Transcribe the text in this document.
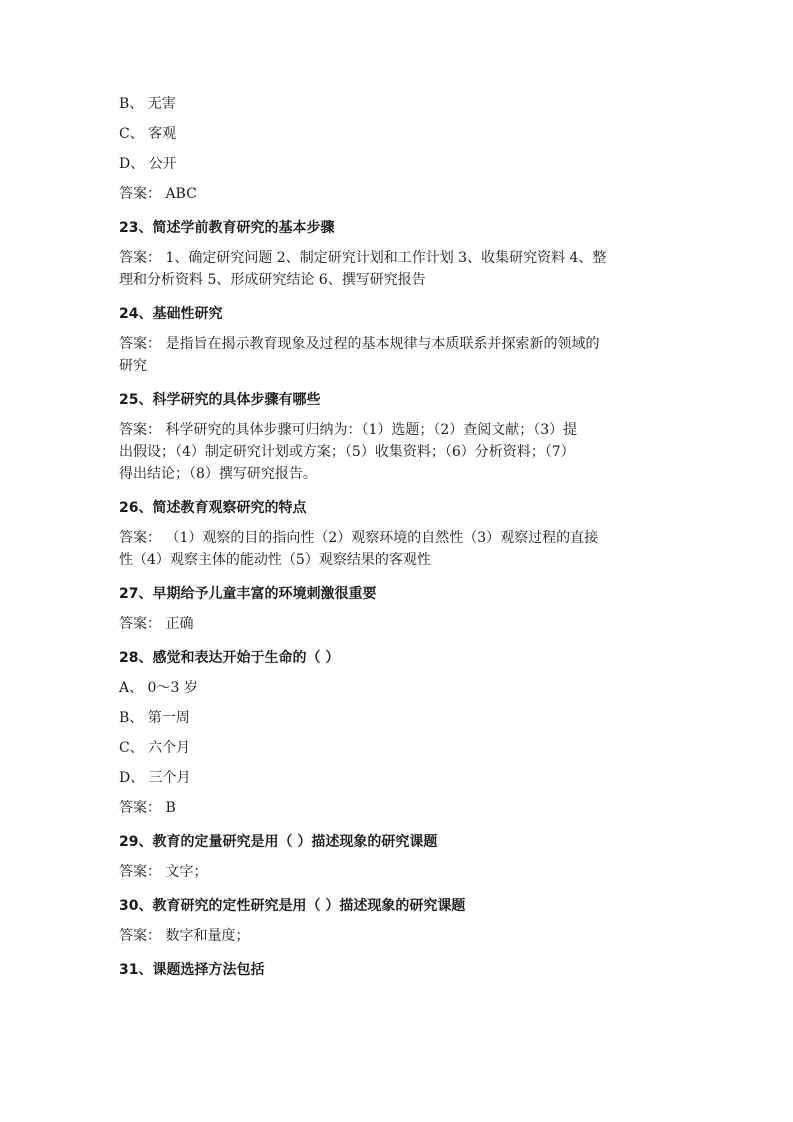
B、 无害
C、 客观
D、 公开
答案： ABC
23、简述学前教育研究的基本步骤
答案： 1、确定研究问题 2、制定研究计划和工作计划 3、收集研究资料 4、整
理和分析资料 5、形成研究结论 6、撰写研究报告
24、基础性研究
答案： 是指旨在揭示教育现象及过程的基本规律与本质联系并探索新的领域的
研究
25、科学研究的具体步骤有哪些
答案： 科学研究的具体步骤可归纳为：（1）选题；（2）查阅文献；（3）提
出假设；（4）制定研究计划或方案；（5）收集资料；（6）分析资料；（7）
得出结论；（8）撰写研究报告。
26、简述教育观察研究的特点
答案： （1）观察的目的指向性（2）观察环境的自然性（3）观察过程的直接
性（4）观察主体的能动性（5）观察结果的客观性
27、早期给予儿童丰富的环境刺激很重要
答案： 正确
28、感觉和表达开始于生命的（ ）
A、 0～3 岁
B、 第一周
C、 六个月
D、 三个月
答案： B
29、教育的定量研究是用（ ）描述现象的研究课题
答案： 文字；
30、教育研究的定性研究是用（ ）描述现象的研究课题
答案： 数字和量度；
31、课题选择方法包括
